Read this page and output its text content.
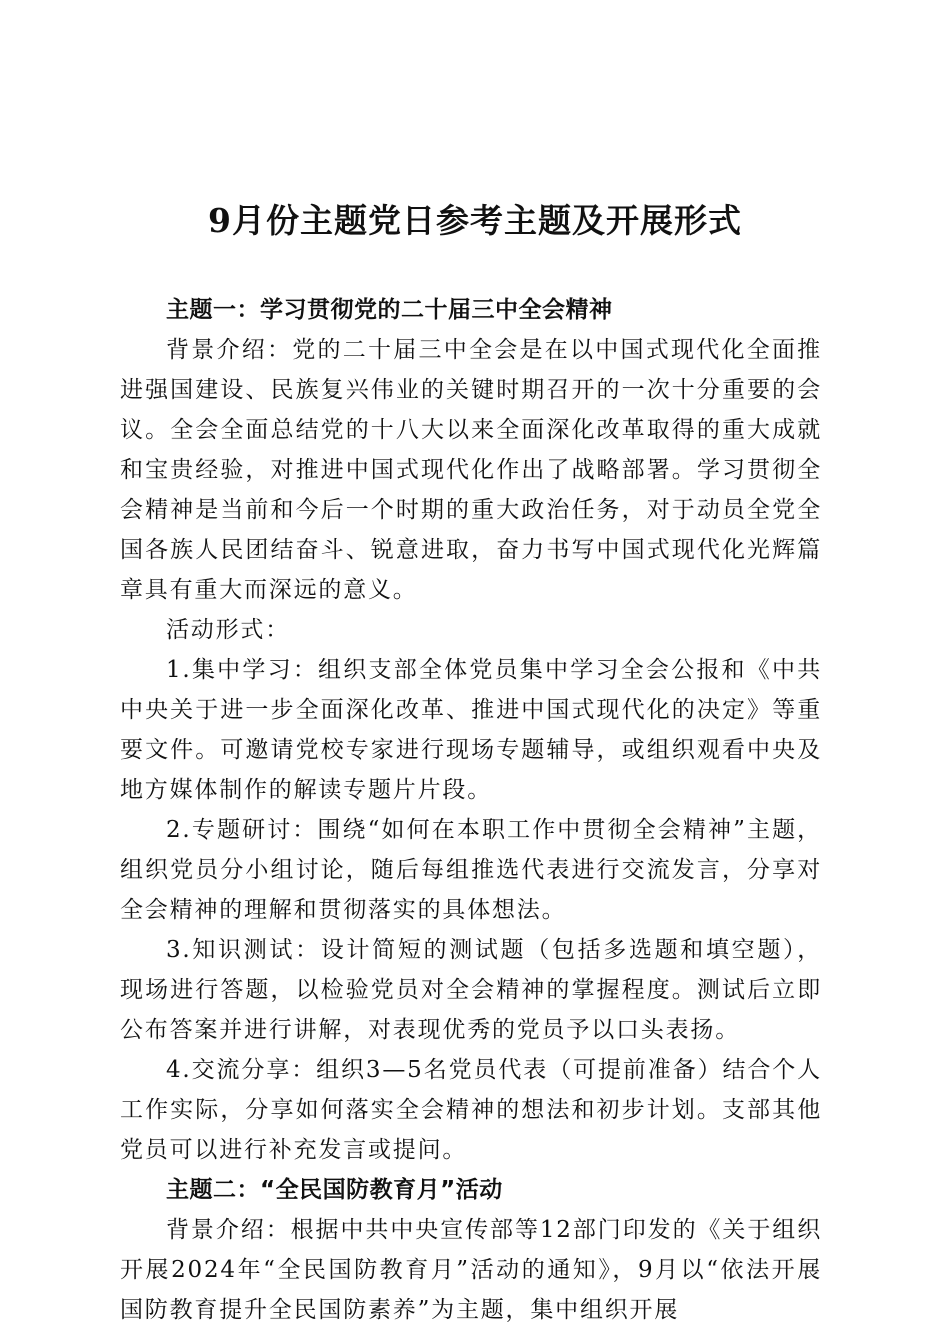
9月份主题党日参考主题及开展形式

主题一：学习贯彻党的二十届三中全会精神

背景介绍：党的二十届三中全会是在以中国式现代化全面推进强国建设、民族复兴伟业的关键时期召开的一次十分重要的会议。全会全面总结党的十八大以来全面深化改革取得的重大成就和宝贵经验，对推进中国式现代化作出了战略部署。学习贯彻全会精神是当前和今后一个时期的重大政治任务，对于动员全党全国各族人民团结奋斗、锐意进取，奋力书写中国式现代化光辉篇章具有重大而深远的意义。

活动形式：

1.集中学习：组织支部全体党员集中学习全会公报和《中共中央关于进一步全面深化改革、推进中国式现代化的决定》等重要文件。可邀请党校专家进行现场专题辅导，或组织观看中央及地方媒体制作的解读专题片片段。

2.专题研讨：围绕“如何在本职工作中贯彻全会精神”主题，组织党员分小组讨论，随后每组推选代表进行交流发言，分享对全会精神的理解和贯彻落实的具体想法。

3.知识测试：设计简短的测试题（包括多选题和填空题），现场进行答题，以检验党员对全会精神的掌握程度。测试后立即公布答案并进行讲解，对表现优秀的党员予以口头表扬。

4.交流分享：组织3—5名党员代表（可提前准备）结合个人工作实际，分享如何落实全会精神的想法和初步计划。支部其他党员可以进行补充发言或提问。

主题二：“全民国防教育月”活动

背景介绍：根据中共中央宣传部等12部门印发的《关于组织开展2024年“全民国防教育月”活动的通知》，9月以“依法开展国防教育提升全民国防素养”为主题，集中组织开展
